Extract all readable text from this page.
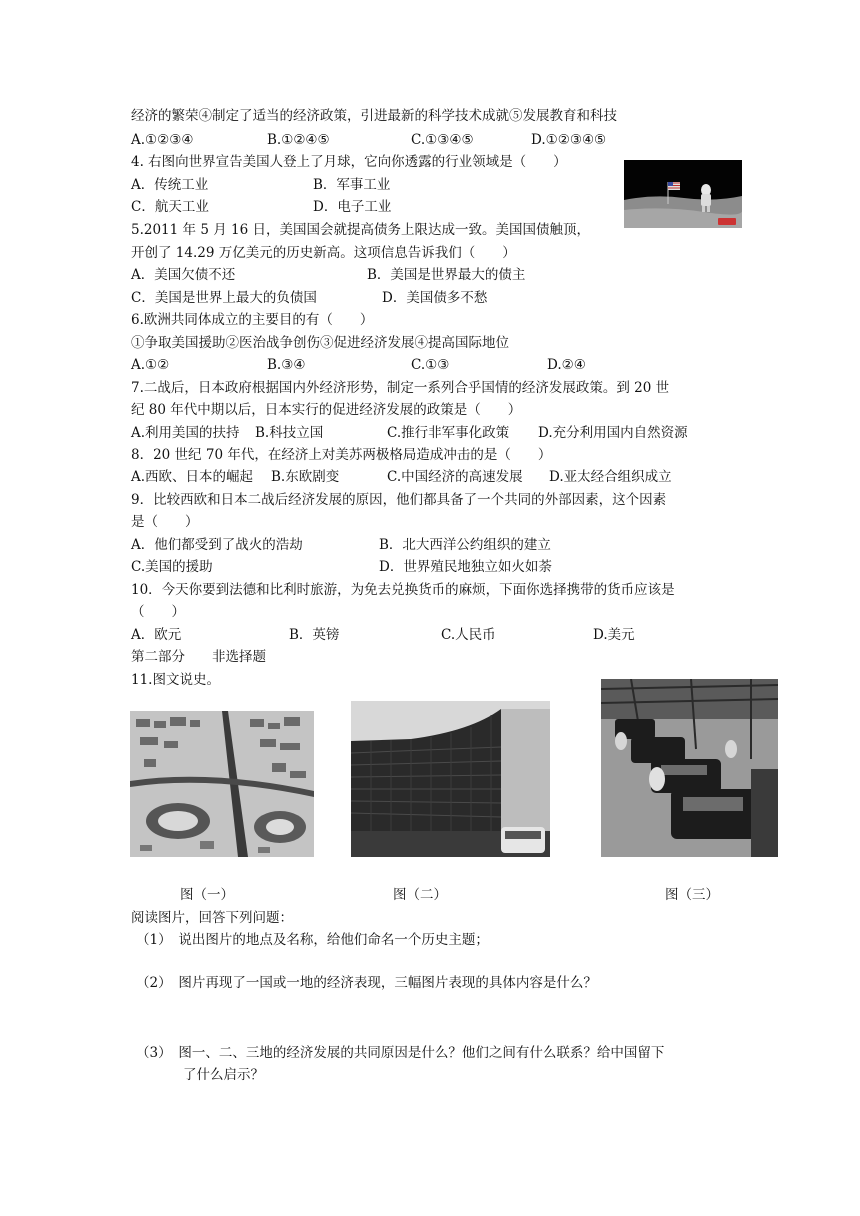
经济的繁荣④制定了适当的经济政策，引进最新的科学技术成就⑤发展教育和科技
A.①②③④	B.①②④⑤	C.①③④⑤	D.①②③④⑤
4. 右图向世界宣告美国人登上了月球，它向你透露的行业领域是（　　）
A．传统工业	B．军事工业
C．航天工业	D．电子工业
5.2011 年 5 月 16 日，美国国会就提高债务上限达成一致。美国国债触顶，
开创了 14.29 万亿美元的历史新高。这项信息告诉我们（　　）
A．美国欠债不还	B．美国是世界最大的债主
C．美国是世界上最大的负债国	D．美国债多不愁
6.欧洲共同体成立的主要目的有（　　）
①争取美国援助②医治战争创伤③促进经济发展④提高国际地位
A.①②	B.③④	C.①③	D.②④
7.二战后，日本政府根据国内外经济形势，制定一系列合乎国情的经济发展政策。到 20 世
纪 80 年代中期以后，日本实行的促进经济发展的政策是（　　）
A.利用美国的扶持 B.科技立国	C.推行非军事化政策 D.充分利用国内自然资源
8．20 世纪 70 年代，在经济上对美苏两极格局造成冲击的是（　　）
A.西欧、日本的崛起 B.东欧剧变	C.中国经济的高速发展 D.亚太经合组织成立
9．比较西欧和日本二战后经济发展的原因，他们都具备了一个共同的外部因素，这个因素
是（　　）
A．他们都受到了战火的浩劫	B．北大西洋公约组织的建立
C.美国的援助	D．世界殖民地独立如火如荼
10．今天你要到法德和比利时旅游，为免去兑换货币的麻烦，下面你选择携带的货币应该是
（　　）
A．欧元	B．英镑	C.人民币	D.美元
第二部分　　非选择题
11.图文说史。
图（一）	图（二）	图（三）
阅读图片，回答下列问题：
（1）　说出图片的地点及名称，给他们命名一个历史主题；
（2）　图片再现了一国或一地的经济表现，三幅图片表现的具体内容是什么？
（3）　图一、二、三地的经济发展的共同原因是什么？他们之间有什么联系？给中国留下
了什么启示？
